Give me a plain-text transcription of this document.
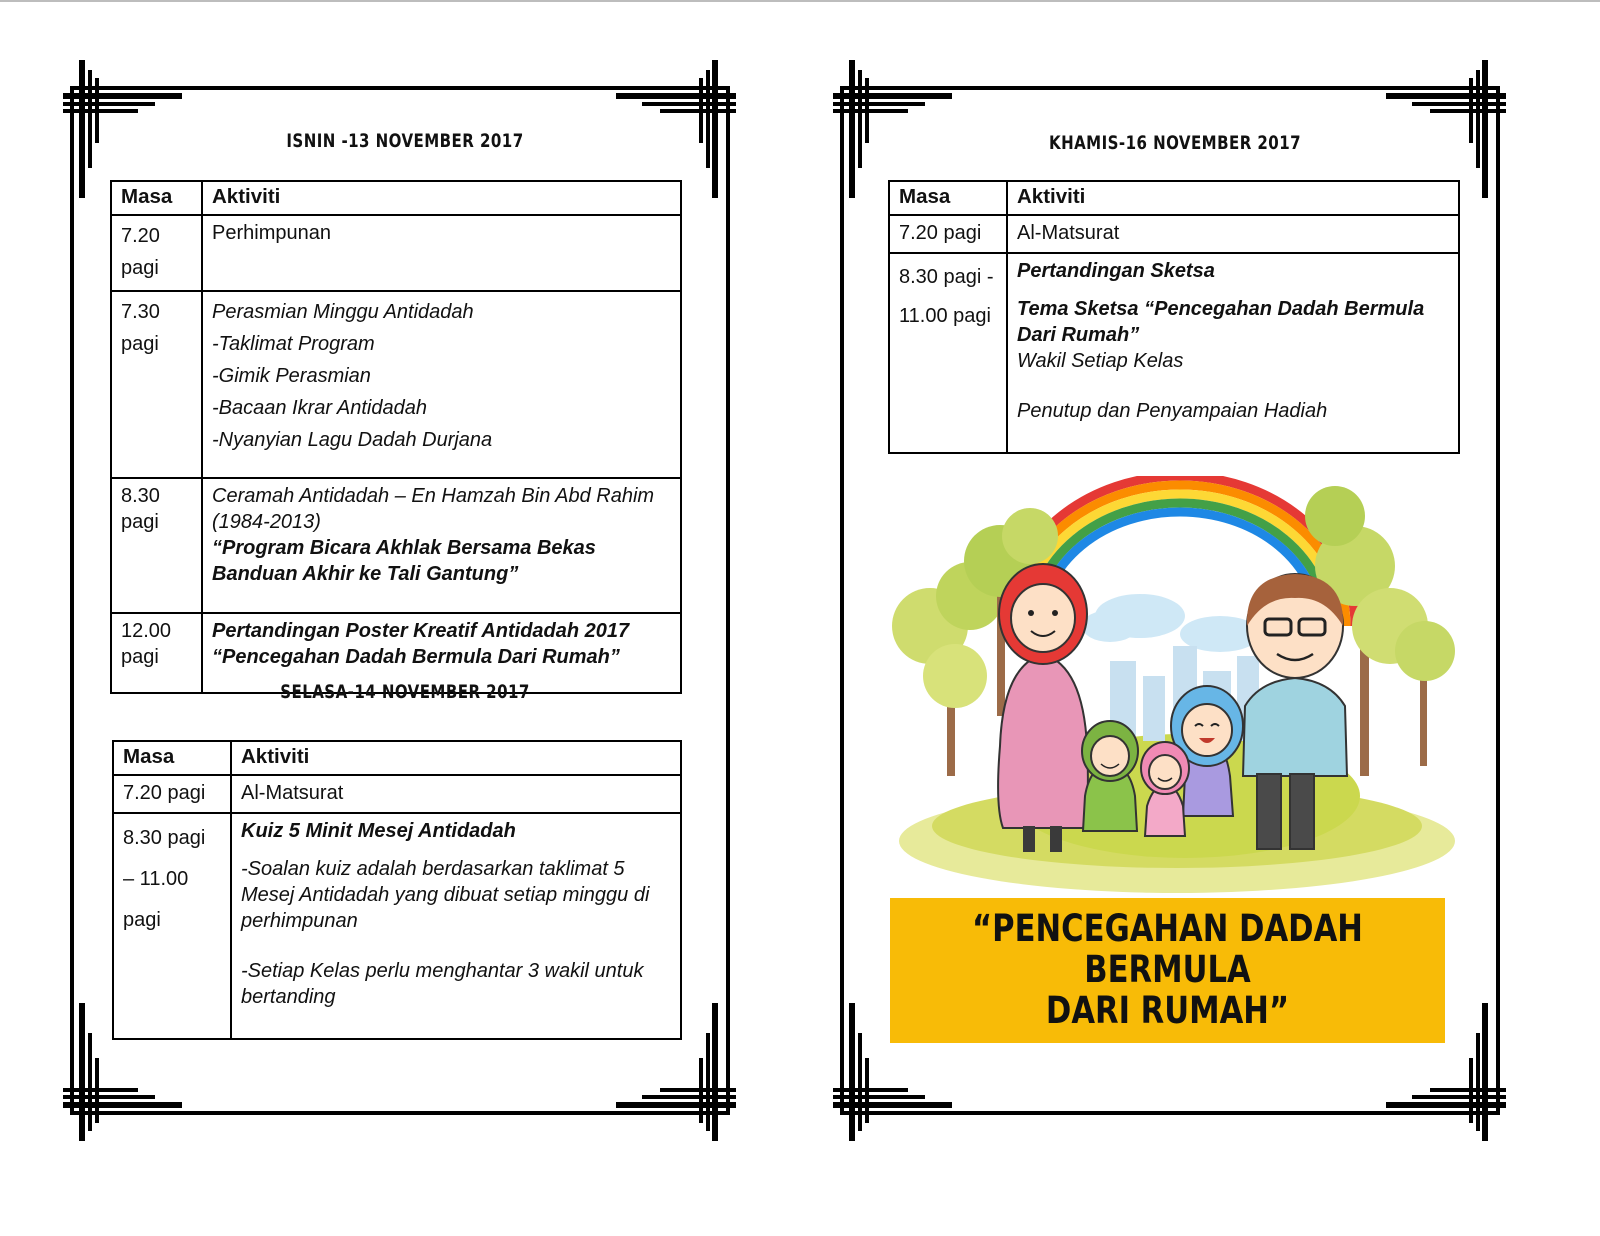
ISNIN -13 NOVEMBER 2017
Masa	Aktiviti

7.20
pagi	Perhimpunan

7.30
pagi	Perasmian Minggu Antidadah
-Taklimat Program
-Gimik Perasmian
-Bacaan Ikrar Antidadah
-Nyanyian Lagu Dadah Durjana

8.30
pagi	Ceramah Antidadah – En Hamzah Bin Abd Rahim (1984-2013)
“Program Bicara Akhlak Bersama Bekas Banduan Akhir ke Tali Gantung”

12.00
pagi	Pertandingan Poster Kreatif Antidadah 2017
“Pencegahan Dadah Bermula Dari Rumah”
SELASA-14 NOVEMBER 2017
Masa	Aktiviti

7.20 pagi	Al-Matsurat

8.30 pagi
– 11.00
pagi	Kuiz 5 Minit Mesej Antidadah
-Soalan kuiz adalah berdasarkan taklimat 5 Mesej Antidadah yang dibuat setiap minggu di perhimpunan
-Setiap Kelas perlu menghantar 3 wakil untuk bertanding
KHAMIS-16 NOVEMBER 2017
Masa	Aktiviti

7.20 pagi	Al-Matsurat

8.30 pagi -
11.00 pagi	Pertandingan Sketsa
Tema Sketsa “Pencegahan Dadah Bermula Dari Rumah”
Wakil Setiap Kelas
Penutup dan Penyampaian Hadiah
“PENCEGAHAN DADAH BERMULA
DARI RUMAH”
